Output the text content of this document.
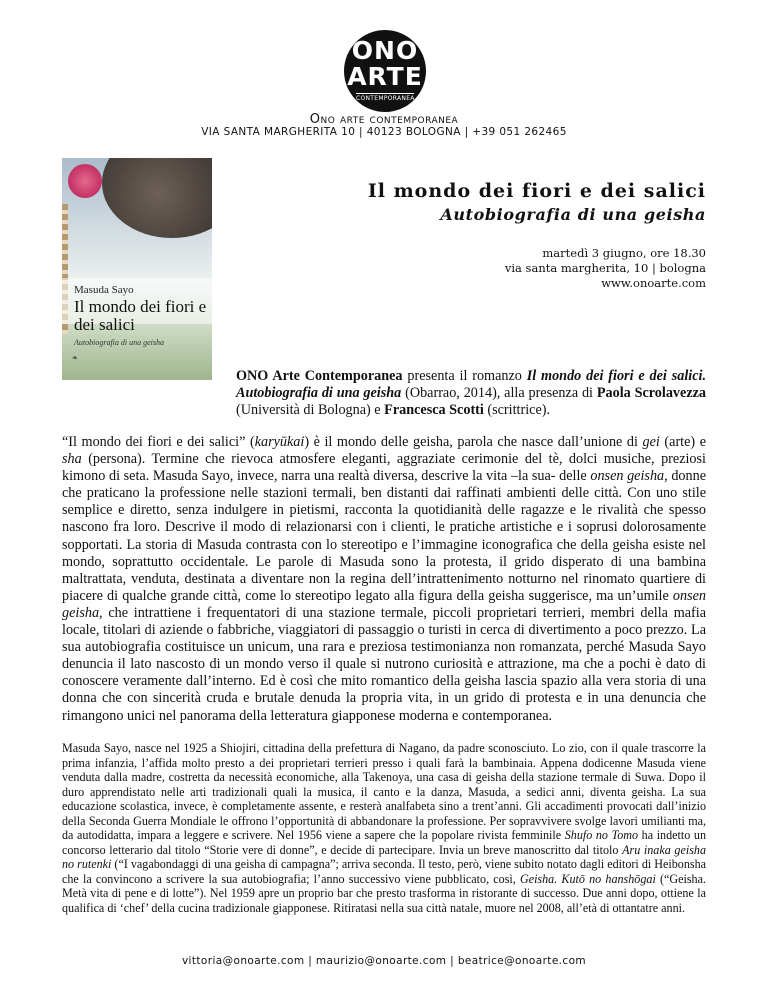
ONO
ARTE
CONTEMPORANEA
Ono arte contemporanea
VIA SANTA MARGHERITA 10 | 40123 BOLOGNA | +39 051 262465
Masuda Sayo
Il mondo dei fiori e dei salici
Autobiografia di una geisha
❧
Il mondo dei fiori e dei salici
Autobiografia di una geisha
martedì 3 giugno, ore 18.30
via santa margherita, 10 | bologna
www.onoarte.com

ONO Arte Contemporanea presenta il romanzo Il mondo dei fiori e dei salici. Autobiografia di una geisha (Obarrao, 2014), alla presenza di Paola Scrolavezza (Università di Bologna) e Francesca Scotti (scrittrice).

“Il mondo dei fiori e dei salici” (karyūkai) è il mondo delle geisha, parola che nasce dall’unione di gei (arte) e sha (persona). Termine che rievoca atmosfere eleganti, aggraziate cerimonie del tè, dolci musiche, preziosi kimono di seta. Masuda Sayo, invece, narra una realtà diversa, descrive la vita –la sua- delle onsen geisha, donne che praticano la professione nelle stazioni termali, ben distanti dai raffinati ambienti delle città. Con uno stile semplice e diretto, senza indulgere in pietismi, racconta la quotidianità delle ragazze e le rivalità che spesso nascono fra loro. Descrive il modo di relazionarsi con i clienti, le pratiche artistiche e i soprusi dolorosamente sopportati. La storia di Masuda contrasta con lo stereotipo e l’immagine iconografica che della geisha esiste nel mondo, soprattutto occidentale. Le parole di Masuda sono la protesta, il grido disperato di una bambina maltrattata, venduta, destinata a diventare non la regina dell’intrattenimento notturno nel rinomato quartiere di piacere di qualche grande città, come lo stereotipo legato alla figura della geisha suggerisce, ma un’umile onsen geisha, che intrattiene i frequentatori di una stazione termale, piccoli proprietari terrieri, membri della mafia locale, titolari di aziende o fabbriche, viaggiatori di passaggio o turisti in cerca di divertimento a poco prezzo. La sua autobiografia costituisce un unicum, una rara e preziosa testimonianza non romanzata, perché Masuda Sayo denuncia il lato nascosto di un mondo verso il quale si nutrono curiosità e attrazione, ma che a pochi è dato di conoscere veramente dall’interno. Ed è così che mito romantico della geisha lascia spazio alla vera storia di una donna che con sincerità cruda e brutale denuda la propria vita, in un grido di protesta e in una denuncia che rimangono unici nel panorama della letteratura giapponese moderna e contemporanea.

Masuda Sayo, nasce nel 1925 a Shiojiri, cittadina della prefettura di Nagano, da padre sconosciuto. Lo zio, con il quale trascorre la prima infanzia, l’affida molto presto a dei proprietari terrieri presso i quali farà la bambinaia. Appena dodicenne Masuda viene venduta dalla madre, costretta da necessità economiche, alla Takenoya, una casa di geisha della stazione termale di Suwa. Dopo il duro apprendistato nelle arti tradizionali quali la musica, il canto e la danza, Masuda, a sedici anni, diventa geisha. La sua educazione scolastica, invece, è completamente assente, e resterà analfabeta sino a trent’anni. Gli accadimenti provocati dall’inizio della Seconda Guerra Mondiale le offrono l’opportunità di abbandonare la professione. Per sopravvivere svolge lavori umilianti ma, da autodidatta, impara a leggere e scrivere. Nel 1956 viene a sapere che la popolare rivista femminile Shufo no Tomo ha indetto un concorso letterario dal titolo “Storie vere di donne”, e decide di partecipare. Invia un breve manoscritto dal titolo Aru inaka geisha no rutenki (“I vagabondaggi di una geisha di campagna”; arriva seconda. Il testo, però, viene subito notato dagli editori di Heibonsha che la convincono a scrivere la sua autobiografia; l’anno successivo viene pubblicato, così, Geisha. Kutō no hanshōgai (“Geisha. Metà vita di pene e di lotte”). Nel 1959 apre un proprio bar che presto trasforma in ristorante di successo. Due anni dopo, ottiene la qualifica di ‘chef’ della cucina tradizionale giapponese. Ritiratasi nella sua città natale, muore nel 2008, all’età di ottantatre anni.

vittoria@onoarte.com | maurizio@onoarte.com | beatrice@onoarte.com
